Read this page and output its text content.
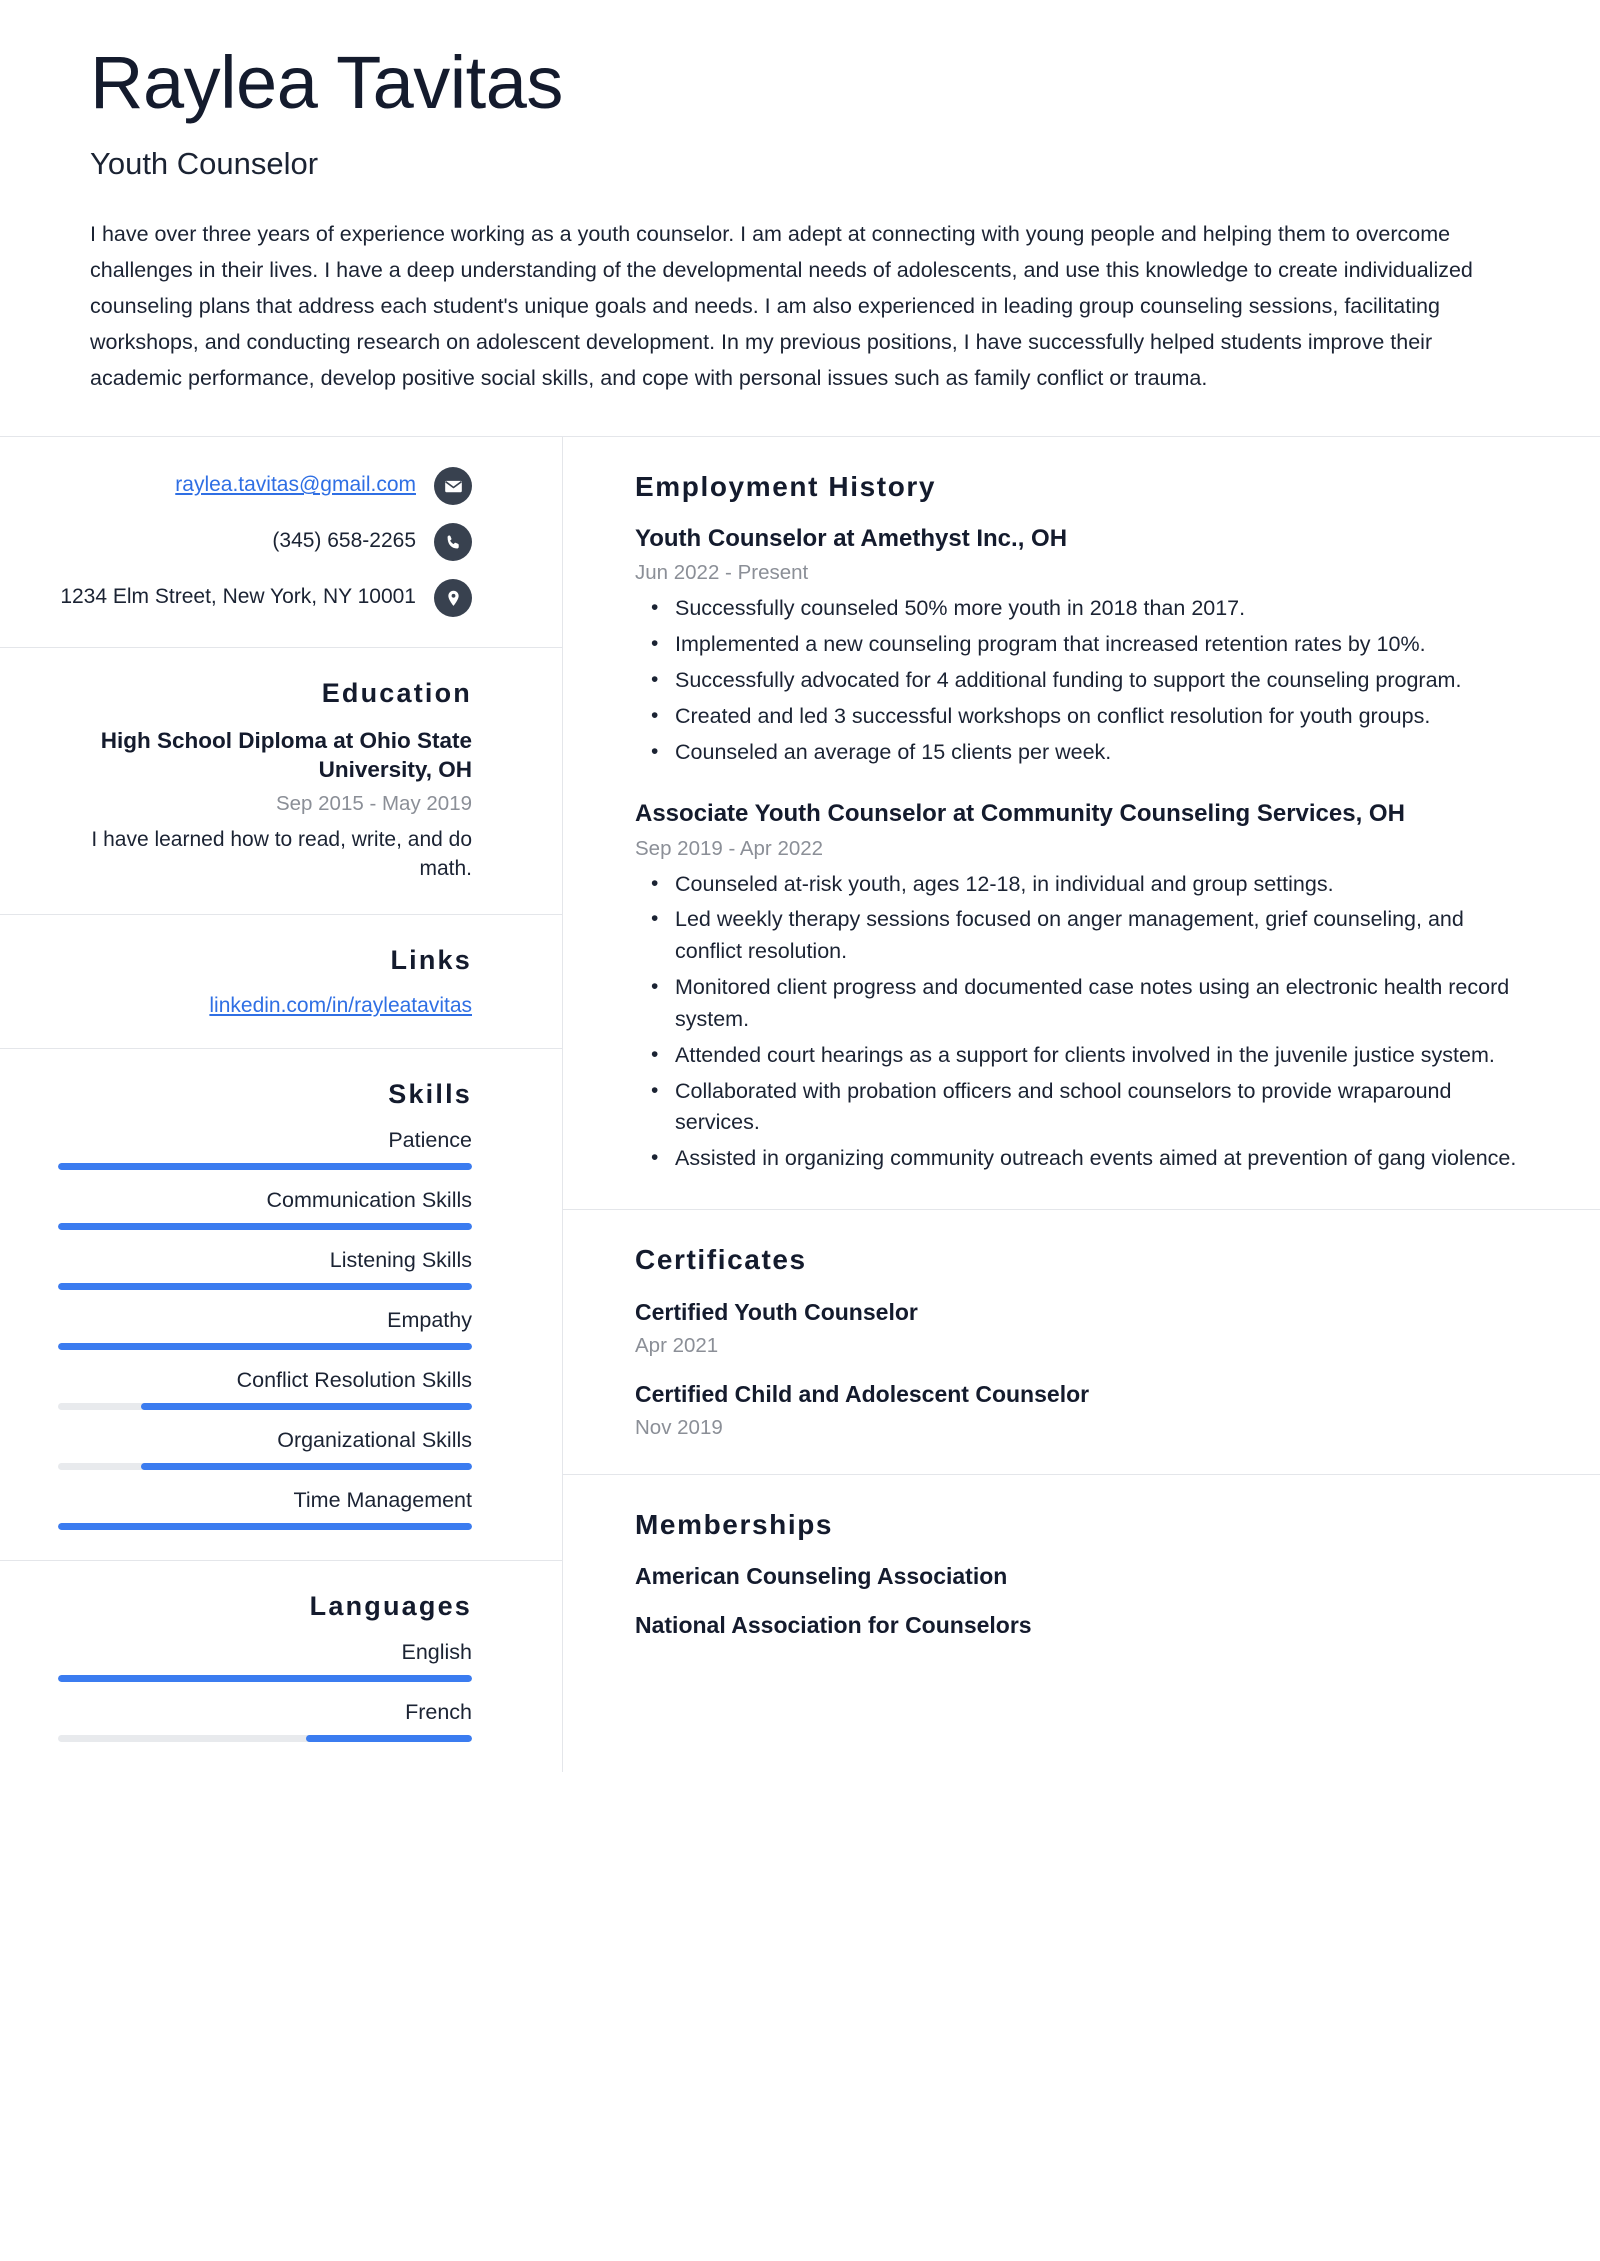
Raylea Tavitas
Youth Counselor
I have over three years of experience working as a youth counselor. I am adept at connecting with young people and helping them to overcome challenges in their lives. I have a deep understanding of the developmental needs of adolescents, and use this knowledge to create individualized counseling plans that address each student's unique goals and needs. I am also experienced in leading group counseling sessions, facilitating workshops, and conducting research on adolescent development. In my previous positions, I have successfully helped students improve their academic performance, develop positive social skills, and cope with personal issues such as family conflict or trauma.
raylea.tavitas@gmail.com
(345) 658-2265
1234 Elm Street, New York, NY 10001
Education
High School Diploma at Ohio State University, OH
Sep 2015 - May 2019
I have learned how to read, write, and do math.
Links
linkedin.com/in/rayleatavitas
Skills
Patience
Communication Skills
Listening Skills
Empathy
Conflict Resolution Skills
Organizational Skills
Time Management
Languages
English
French
Employment History
Youth Counselor at Amethyst Inc., OH
Jun 2022 - Present
• Successfully counseled 50% more youth in 2018 than 2017.
• Implemented a new counseling program that increased retention rates by 10%.
• Successfully advocated for 4 additional funding to support the counseling program.
• Created and led 3 successful workshops on conflict resolution for youth groups.
• Counseled an average of 15 clients per week.
Associate Youth Counselor at Community Counseling Services, OH
Sep 2019 - Apr 2022
• Counseled at-risk youth, ages 12-18, in individual and group settings.
• Led weekly therapy sessions focused on anger management, grief counseling, and conflict resolution.
• Monitored client progress and documented case notes using an electronic health record system.
• Attended court hearings as a support for clients involved in the juvenile justice system.
• Collaborated with probation officers and school counselors to provide wraparound services.
• Assisted in organizing community outreach events aimed at prevention of gang violence.
Certificates
Certified Youth Counselor
Apr 2021
Certified Child and Adolescent Counselor
Nov 2019
Memberships
American Counseling Association
National Association for Counselors
